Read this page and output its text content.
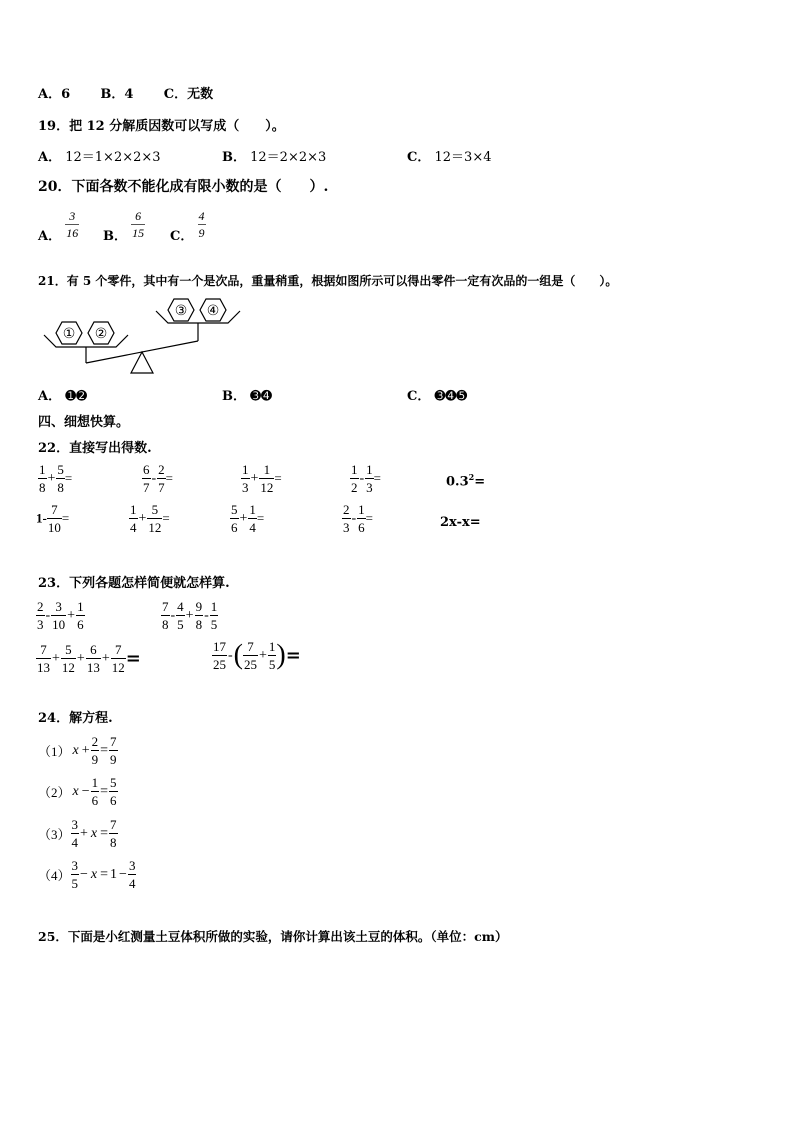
A．6 B．4 C．无数
19．把 12 分解质因数可以写成（　　）。
A． 12＝1×2×2×3	B． 12＝2×2×3	C． 12＝3×4
20．下面各数不能化成有限小数的是（　　）.
A． $\frac{3}{16}$ B． $\frac{6}{15}$ C． $\frac{4}{9}$
21．有 5 个零件，其中有一个是次品，重量稍重，根据如图所示可以得出零件一定有次品的一组是（　　）。
① ②
③ ④
A． ➊➋	B． ➌➍	C． ➌➍➎
四、细想快算。
22．直接写出得数.
$\frac{1}{8} + \frac{5}{8}$ =	$\frac{6}{7} - \frac{2}{7}$ =	$\frac{1}{3} + \frac{1}{12}$ =	$\frac{1}{2} - \frac{1}{3}$ =	$0.3^2=$
$1- \frac{7}{10}$ =	$\frac{1}{4} + \frac{5}{12}$ =	$\frac{5}{6} + \frac{1}{4}$ =	$\frac{2}{3} - \frac{1}{6}$ =	2x-x=
23．下列各题怎样简便就怎样算.
$\frac{2}{3} - \frac{3}{10} + \frac{1}{6}$	$\frac{7}{8} - \frac{4}{5} + \frac{9}{8} - \frac{1}{5}$
$\frac{7}{13} + \frac{5}{12} + \frac{6}{13} + \frac{7}{12}$ =	$\frac{17}{25}$ -( $\frac{7}{25} + \frac{1}{5}$ )=
24．解方程.
（1） $x + \frac{2}{9} = \frac{7}{9}$
（2） $x - \frac{1}{6} = \frac{5}{6}$
$(3) \frac{3}{4} + x = \frac{7}{8}$
$(4) \frac{3}{5} - x = 1 - \frac{3}{4}$
25．下面是小红测量土豆体积所做的实验，请你计算出该土豆的体积。（单位：cm）
